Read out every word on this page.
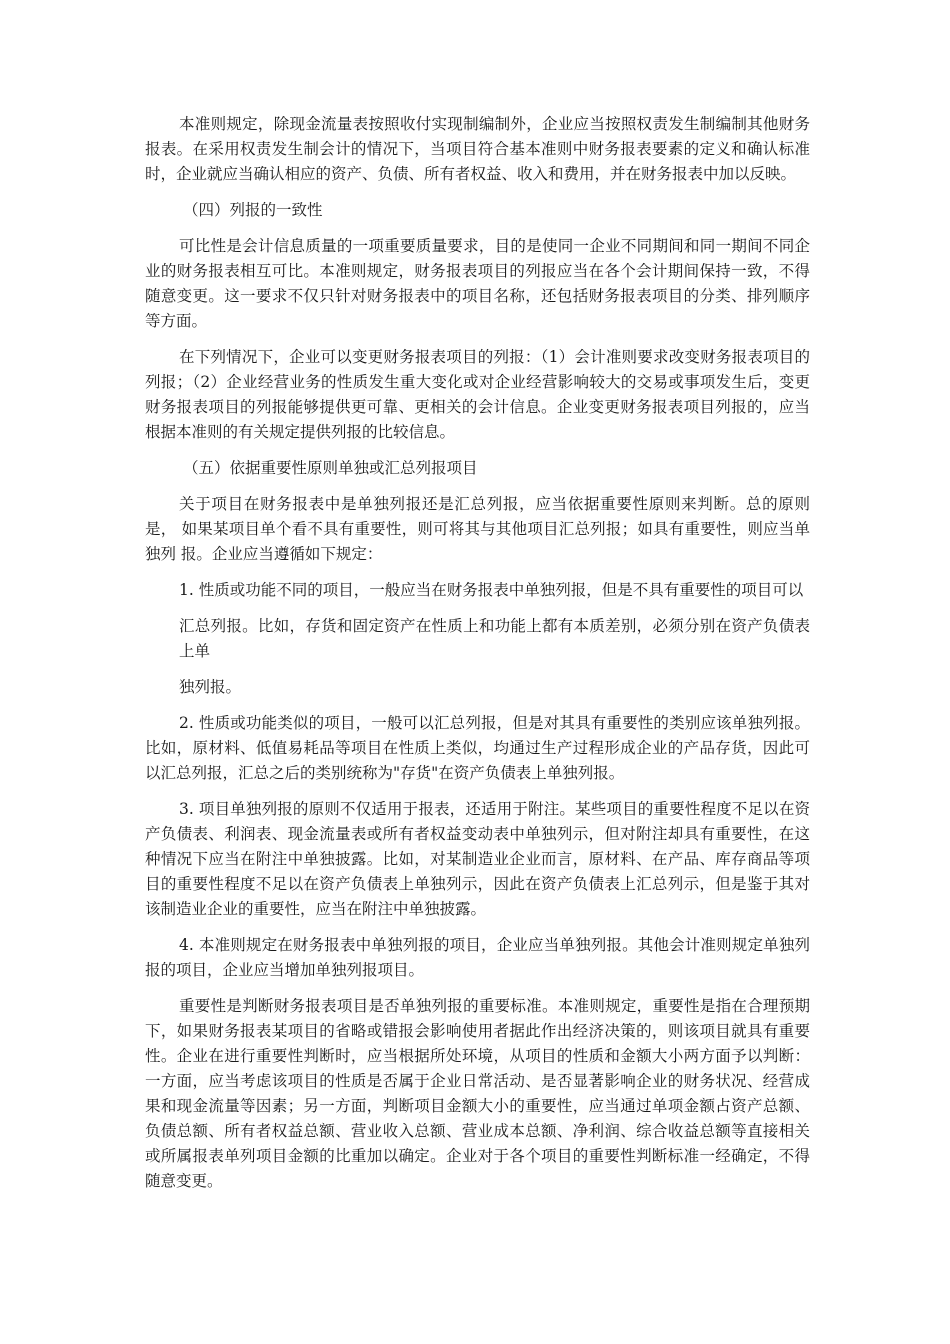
本准则规定，除现金流量表按照收付实现制编制外，企业应当按照权责发生制编制其他财务 报表。在采用权责发生制会计的情况下，当项目符合基本准则中财务报表要素的定义和确认标准 时，企业就应当确认相应的资产、负债、所有者权益、收入和费用，并在财务报表中加以反映。

（四）列报的一致性

可比性是会计信息质量的一项重要质量要求，目的是使同一企业不同期间和同一期间不同企 业的财务报表相互可比。本准则规定，财务报表项目的列报应当在各个会计期间保持一致，不得 随意变更。这一要求不仅只针对财务报表中的项目名称，还包括财务报表项目的分类、排列顺序 等方面。

在下列情况下，企业可以变更财务报表项目的列报：（1）会计准则要求改变财务报表项目的 列报；（2）企业经营业务的性质发生重大变化或对企业经营影响较大的交易或事项发生后，变更 财务报表项目的列报能够提供更可靠、更相关的会计信息。企业变更财务报表项目列报的，应当 根据本准则的有关规定提供列报的比较信息。

（五）依据重要性原则单独或汇总列报项目

关于项目在财务报表中是单独列报还是汇总列报，应当依据重要性原则来判断。总的原则是， 如果某项目单个看不具有重要性，则可将其与其他项目汇总列报；如具有重要性，则应当单独列 报。企业应当遵循如下规定：

1. 性质或功能不同的项目，一般应当在财务报表中单独列报，但是不具有重要性的项目可以

汇总列报。比如，存货和固定资产在性质上和功能上都有本质差别，必须分别在资产负债表上单

独列报。

2. 性质或功能类似的项目，一般可以汇总列报，但是对其具有重要性的类别应该单独列报。 比如，原材料、低值易耗品等项目在性质上类似，均通过生产过程形成企业的产品存货，因此可 以汇总列报，汇总之后的类别统称为"存货"在资产负债表上单独列报。

3. 项目单独列报的原则不仅适用于报表，还适用于附注。某些项目的重要性程度不足以在资 产负债表、利润表、现金流量表或所有者权益变动表中单独列示，但对附注却具有重要性，在这 种情况下应当在附注中单独披露。比如，对某制造业企业而言，原材料、在产品、库存商品等项 目的重要性程度不足以在资产负债表上单独列示，因此在资产负债表上汇总列示，但是鉴于其对 该制造业企业的重要性，应当在附注中单独披露。

4. 本准则规定在财务报表中单独列报的项目，企业应当单独列报。其他会计准则规定单独列 报的项目，企业应当增加单独列报项目。

重要性是判断财务报表项目是否单独列报的重要标准。本准则规定，重要性是指在合理预期 下，如果财务报表某项目的省略或错报会影响使用者据此作出经济决策的，则该项目就具有重要 性。企业在进行重要性判断时，应当根据所处环境，从项目的性质和金额大小两方面予以判断： 一方面，应当考虑该项目的性质是否属于企业日常活动、是否显著影响企业的财务状况、经营成 果和现金流量等因素；另一方面，判断项目金额大小的重要性，应当通过单项金额占资产总额、 负债总额、所有者权益总额、营业收入总额、营业成本总额、净利润、综合收益总额等直接相关 或所属报表单列项目金额的比重加以确定。企业对于各个项目的重要性判断标准一经确定，不得 随意变更。
